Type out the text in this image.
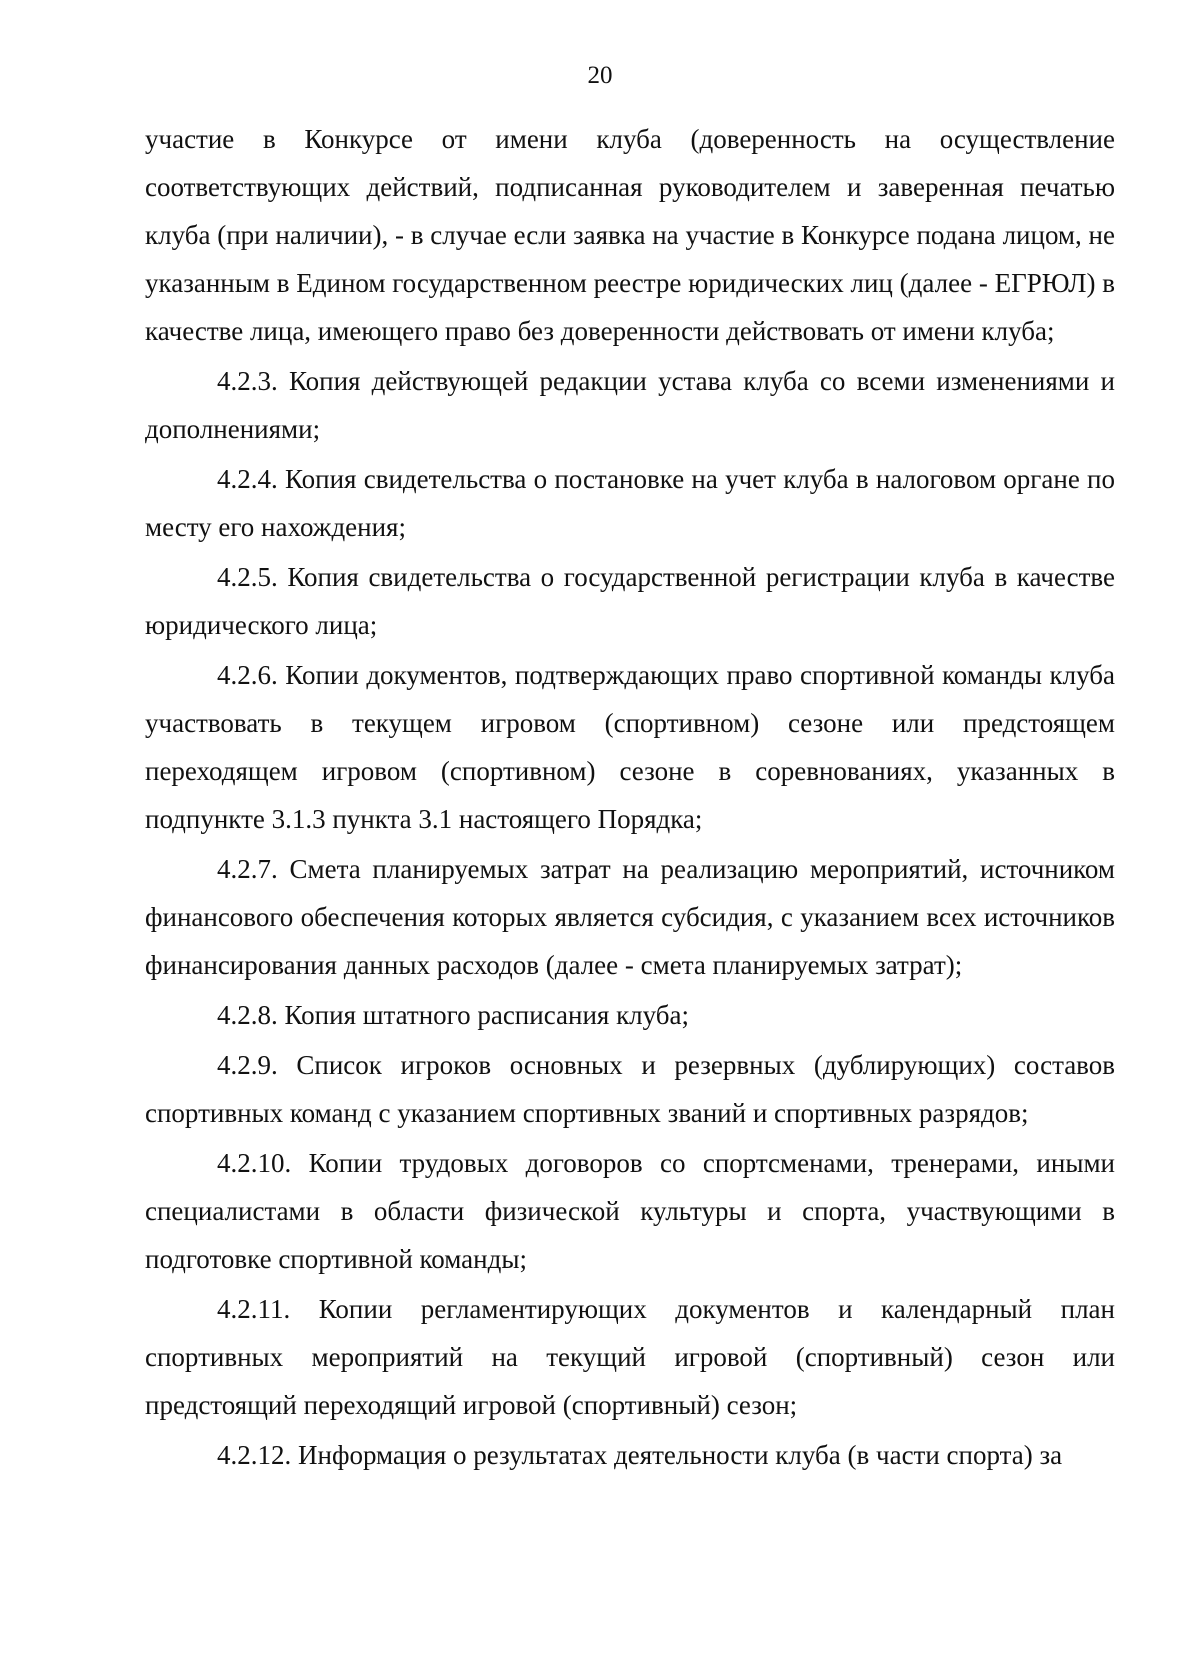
20

участие в Конкурсе от имени клуба (доверенность на осуществление соответствующих действий, подписанная руководителем и заверенная печатью клуба (при наличии), - в случае если заявка на участие в Конкурсе подана лицом, не указанным в Едином государственном реестре юридических лиц (далее - ЕГРЮЛ) в качестве лица, имеющего право без доверенности действовать от имени клуба;

4.2.3. Копия действующей редакции устава клуба со всеми изменениями и дополнениями;

4.2.4. Копия свидетельства о постановке на учет клуба в налоговом органе по месту его нахождения;

4.2.5. Копия свидетельства о государственной регистрации клуба в качестве юридического лица;

4.2.6. Копии документов, подтверждающих право спортивной команды клуба участвовать в текущем игровом (спортивном) сезоне или предстоящем переходящем игровом (спортивном) сезоне в соревнованиях, указанных в подпункте 3.1.3 пункта 3.1 настоящего Порядка;

4.2.7. Смета планируемых затрат на реализацию мероприятий, источником финансового обеспечения которых является субсидия, с указанием всех источников финансирования данных расходов (далее - смета планируемых затрат);

4.2.8. Копия штатного расписания клуба;

4.2.9. Список игроков основных и резервных (дублирующих) составов спортивных команд с указанием спортивных званий и спортивных разрядов;

4.2.10. Копии трудовых договоров со спортсменами, тренерами, иными специалистами в области физической культуры и спорта, участвующими в подготовке спортивной команды;

4.2.11. Копии регламентирующих документов и календарный план спортивных мероприятий на текущий игровой (спортивный) сезон или предстоящий переходящий игровой (спортивный) сезон;

4.2.12. Информация о результатах деятельности клуба (в части спорта) за
